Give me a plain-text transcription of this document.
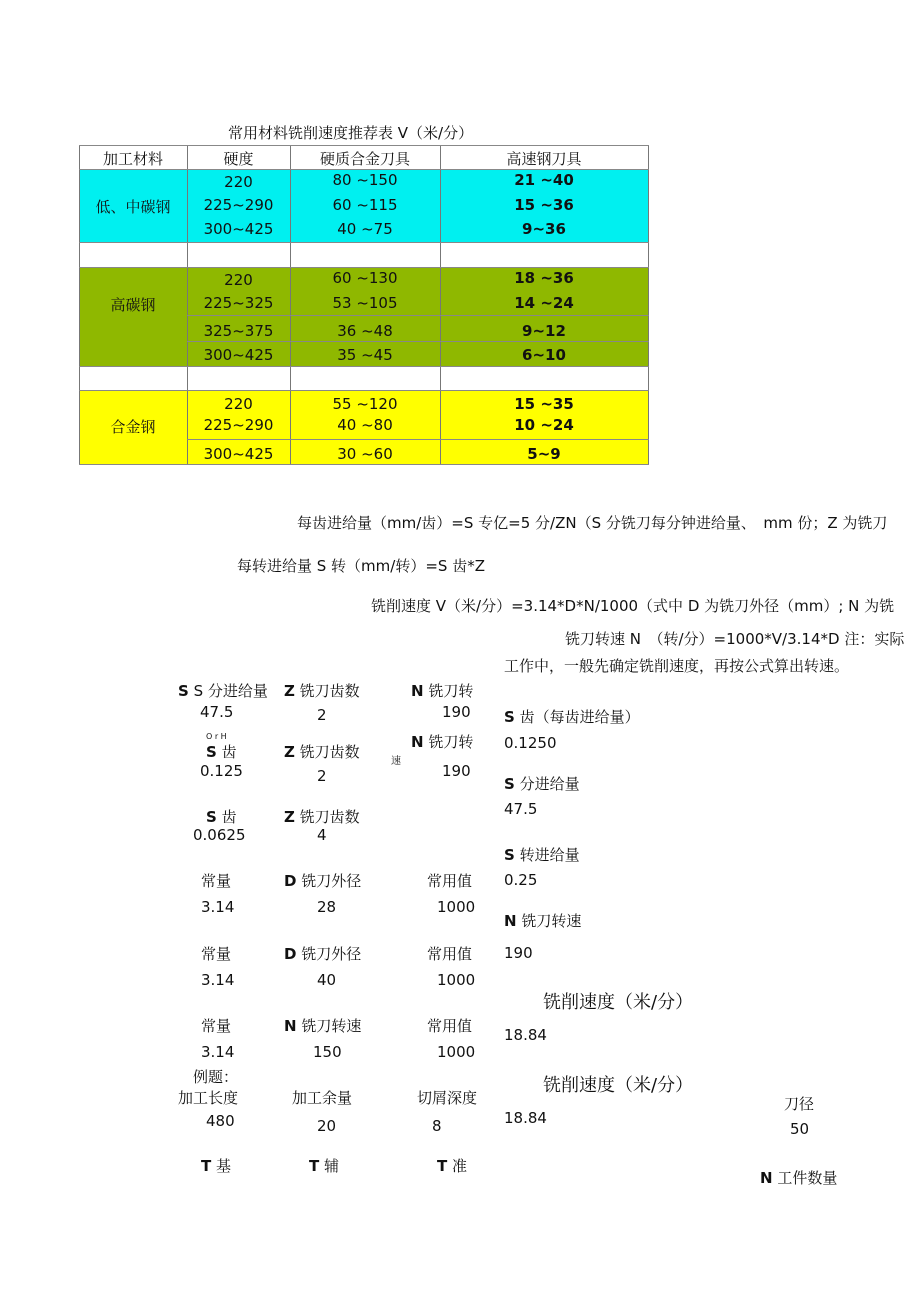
常用材料铣削速度推荐表 V（米/分）
加工材料	硬度	硬质合金刀具	高速钢刀具
低、中碳钢
220	80 ~150	21 ~40
225~290	60 ~115	15 ~36
300~425	40 ~75	9~36
高碳钢
220	60 ~130	18 ~36
225~325	53 ~105	14 ~24
325~375	36 ~48	9~12
300~425	35 ~45	6~10
合金钢
220	55 ~120	15 ~35
225~290	40 ~80	10 ~24
300~425	30 ~60	5~9
每齿进给量（mm/齿）=S 专亿=5 分/ZN（S 分铣刀每分钟进给量、　mm 份；Z 为铣刀
每转进给量 S 转（mm/转）=S 齿*Z
铣削速度 V（米/分）=3.14*D*N/1000（式中 D 为铣刀外径（mm）; N 为铣
铣刀转速 N　（转/分）=1000*V/3.14*D 注：实际
工作中，一般先确定铣削速度，再按公式算出转速。
S S 分进给量
47.5
Z 铣刀齿数
2
N 铣刀转
190
O r H
S 齿
0.125
Z 铣刀齿数
2
N 铣刀转
速
190
S 齿
0.0625
Z 铣刀齿数
4
常量
3.14
D 铣刀外径
28
常用值
1000
常量
3.14
D 铣刀外径
40
常用值
1000
常量
3.14
N 铣刀转速
150
常用值
1000
例题：
加工长度
480
加工余量
20
切屑深度
8
T 基	T 辅	T 准
S 齿（每齿进给量）
0.1250
S 分进给量
47.5
S 转进给量
0.25
N 铣刀转速
190
铣削速度（米/分）
18.84
铣削速度（米/分）
18.84
刀径
50
N 工件数量
